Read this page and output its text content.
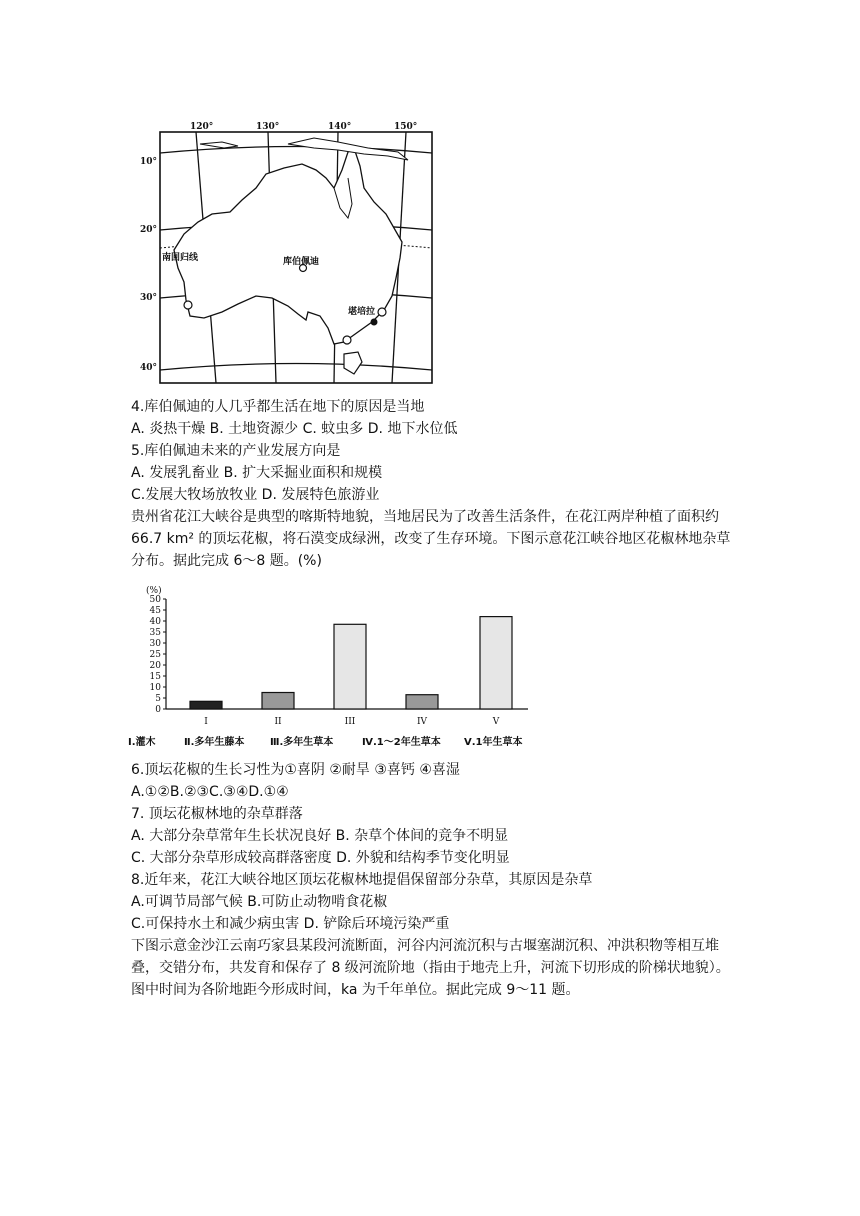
120°	130°	140°	150°
10°
20°
30°
40°
南回归线	库伯佩迪
堪培拉
4.库伯佩迪的人几乎都生活在地下的原因是当地
A. 炎热干燥 B. 土地资源少 C. 蚊虫多 D. 地下水位低
5.库伯佩迪未来的产业发展方向是
A. 发展乳畜业 B. 扩大采掘业面积和规模
C.发展大牧场放牧业 D. 发展特色旅游业
贵州省花江大峡谷是典型的喀斯特地貌，当地居民为了改善生活条件，在花江两岸种植了面积约 66.7 km² 的顶坛花椒，将石漠变成绿洲，改变了生存环境。下图示意花江峡谷地区花椒林地杂草分布。据此完成 6～8 题。(%)
(%)
50
45
40
35
30
25
20
15
10
5
0
I	II	III	IV	V
Ⅰ.灌木	Ⅱ.多年生藤本	Ⅲ.多年生草本	Ⅳ.1～2年生草本 Ⅴ.1年生草本
6.顶坛花椒的生长习性为①喜阴 ②耐旱 ③喜钙 ④喜湿
A.①②B.②③C.③④D.①④
7. 顶坛花椒林地的杂草群落
A. 大部分杂草常年生长状况良好 B. 杂草个体间的竞争不明显
C. 大部分杂草形成较高群落密度 D. 外貌和结构季节变化明显
8.近年来，花江大峡谷地区顶坛花椒林地提倡保留部分杂草，其原因是杂草
A.可调节局部气候 B.可防止动物啃食花椒
C.可保持水土和减少病虫害 D. 铲除后环境污染严重
下图示意金沙江云南巧家县某段河流断面，河谷内河流沉积与古堰塞湖沉积、冲洪积物等相互堆叠，交错分布，共发育和保存了 8 级河流阶地（指由于地壳上升，河流下切形成的阶梯状地貌）。图中时间为各阶地距今形成时间，ka 为千年单位。据此完成 9～11 题。
